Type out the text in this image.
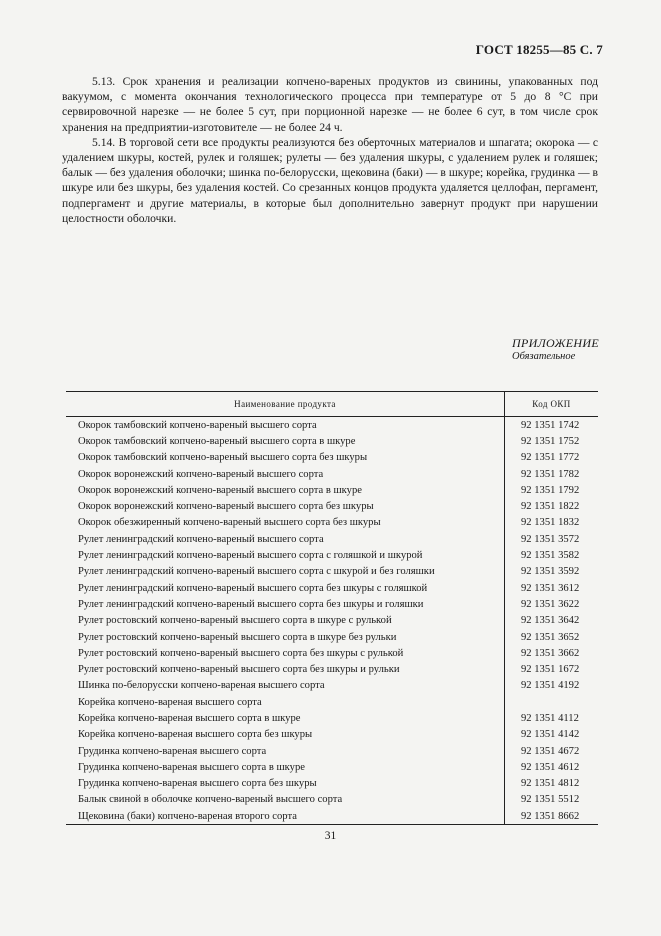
ГОСТ 18255—85 С. 7

5.13. Срок хранения и реализации копчено-вареных продуктов из свинины, упакованных под вакуумом, с момента окончания технологического процесса при температуре от 5 до 8 °С при сервировочной нарезке — не более 5 сут, при порционной нарезке — не более 6 сут, в том числе срок хранения на предприятии-изготовителе — не более 24 ч.

5.14. В торговой сети все продукты реализуются без оберточных материалов и шпагата; окорока — с удалением шкуры, костей, рулек и голяшек; рулеты — без удаления шкуры, с удалением рулек и голяшек; балык — без удаления оболочки; шинка по-белорусски, щековина (баки) — в шкуре; корейка, грудинка — в шкуре или без шкуры, без удаления костей. Со срезанных концов продукта удаляется целлофан, пергамент, подпергамент и другие материалы, в которые был дополнительно завернут продукт при нарушении целостности оболочки.

ПРИЛОЖЕНИЕ
Обязательное
Наименование продукта	Код ОКП
Окорок тамбовский копчено-вареный высшего сорта	92 1351 1742
Окорок тамбовский копчено-вареный высшего сорта в шкуре	92 1351 1752
Окорок тамбовский копчено-вареный высшего сорта без шкуры	92 1351 1772
Окорок воронежский копчено-вареный высшего сорта	92 1351 1782
Окорок воронежский копчено-вареный высшего сорта в шкуре	92 1351 1792
Окорок воронежский копчено-вареный высшего сорта без шкуры	92 1351 1822
Окорок обезжиренный копчено-вареный высшего сорта без шкуры	92 1351 1832
Рулет ленинградский копчено-вареный высшего сорта	92 1351 3572
Рулет ленинградский копчено-вареный высшего сорта с голяшкой и шкурой	92 1351 3582
Рулет ленинградский копчено-вареный высшего сорта с шкурой и без голяшки	92 1351 3592
Рулет ленинградский копчено-вареный высшего сорта без шкуры с голяшкой	92 1351 3612
Рулет ленинградский копчено-вареный высшего сорта без шкуры и голяшки	92 1351 3622
Рулет ростовский копчено-вареный высшего сорта в шкуре с рулькой	92 1351 3642
Рулет ростовский копчено-вареный высшего сорта в шкуре без рульки	92 1351 3652
Рулет ростовский копчено-вареный высшего сорта без шкуры с рулькой	92 1351 3662
Рулет ростовский копчено-вареный высшего сорта без шкуры и рульки	92 1351 1672
Шинка по-белорусски копчено-вареная высшего сорта	92 1351 4192
Корейка копчено-вареная высшего сорта	
Корейка копчено-вареная высшего сорта в шкуре	92 1351 4112
Корейка копчено-вареная высшего сорта без шкуры	92 1351 4142
Грудинка копчено-вареная высшего сорта	92 1351 4672
Грудинка копчено-вареная высшего сорта в шкуре	92 1351 4612
Грудинка копчено-вареная высшего сорта без шкуры	92 1351 4812
Балык свиной в оболочке копчено-вареный высшего сорта	92 1351 5512
Щековина (баки) копчено-вареная второго сорта	92 1351 8662
31
